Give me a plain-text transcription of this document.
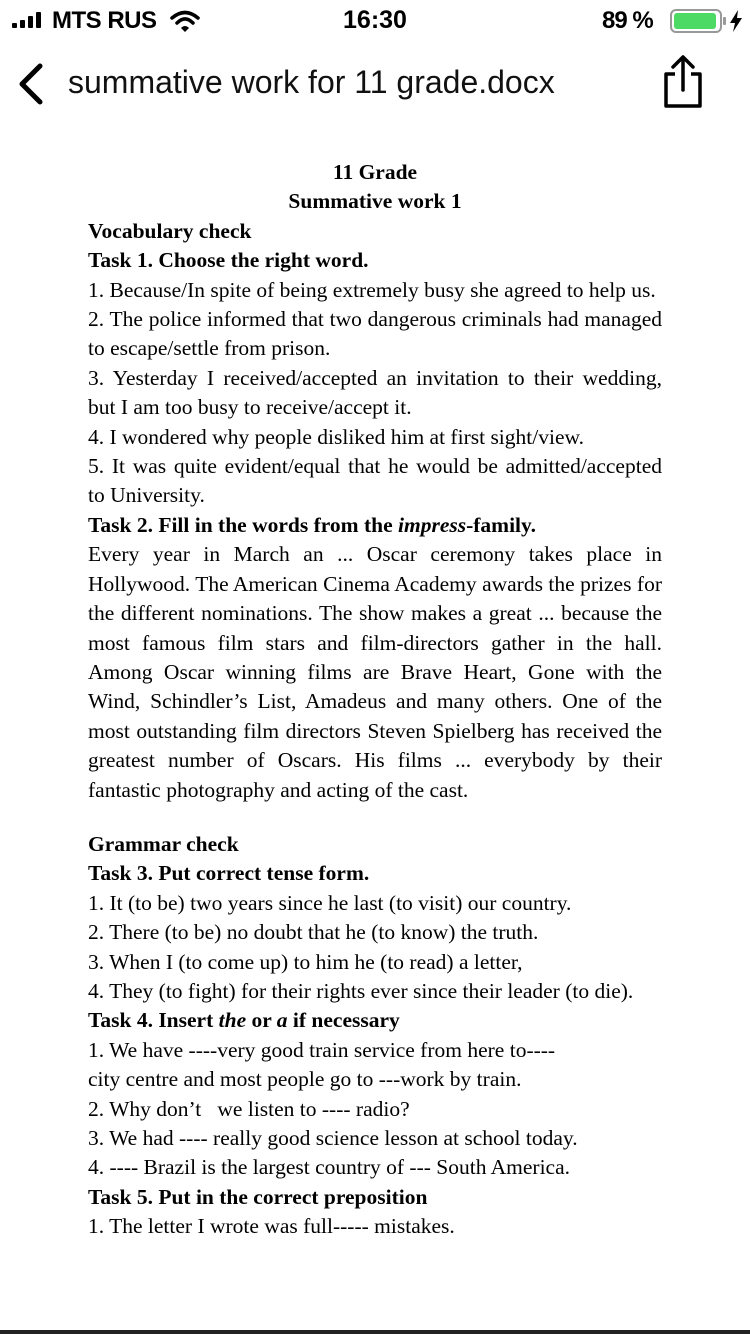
MTS RUS	16:30	89 %
summative work for 11 grade.docx

11 Grade

Summative work 1

Vocabulary check

Task 1. Choose the right word.

1. Because/In spite of being extremely busy she agreed to help us.

2. The police informed that two dangerous criminals had managed to escape/settle from prison.

3. Yesterday I received/accepted an invitation to their wedding, but I am too busy to receive/accept it.

4. I wondered why people disliked him at first sight/view.

5. It was quite evident/equal that he would be admitted/accepted to University.

Task 2. Fill in the words from the impress-family.

Every year in March an ... Oscar ceremony takes place in Hollywood. The American Cinema Academy awards the prizes for the different nominations. The show makes a great ... because the most famous film stars and film-directors gather in the hall. Among Oscar winning films are Brave Heart, Gone with the Wind, Schindler’s List, Amadeus and many others. One of the most outstanding film directors Steven Spielberg has received the greatest number of Oscars. His films ... everybody by their fantastic photography and acting of the cast.

Grammar check

Task 3. Put correct tense form.

1. It (to be) two years since he last (to visit) our country.

2. There (to be) no doubt that he (to know) the truth.

3. When I (to come up) to him he (to read) a letter,

4. They (to fight) for their rights ever since their leader (to die).

Task 4. Insert the or a if necessary

1. We have ----very good train service from here to----

city centre and most people go to ---work by train.

2. Why don’t   we listen to ---- radio?

3. We had ---- really good science lesson at school today.

4. ---- Brazil is the largest country of --- South America.

Task 5. Put in the correct preposition

1. The letter I wrote was full----- mistakes.
